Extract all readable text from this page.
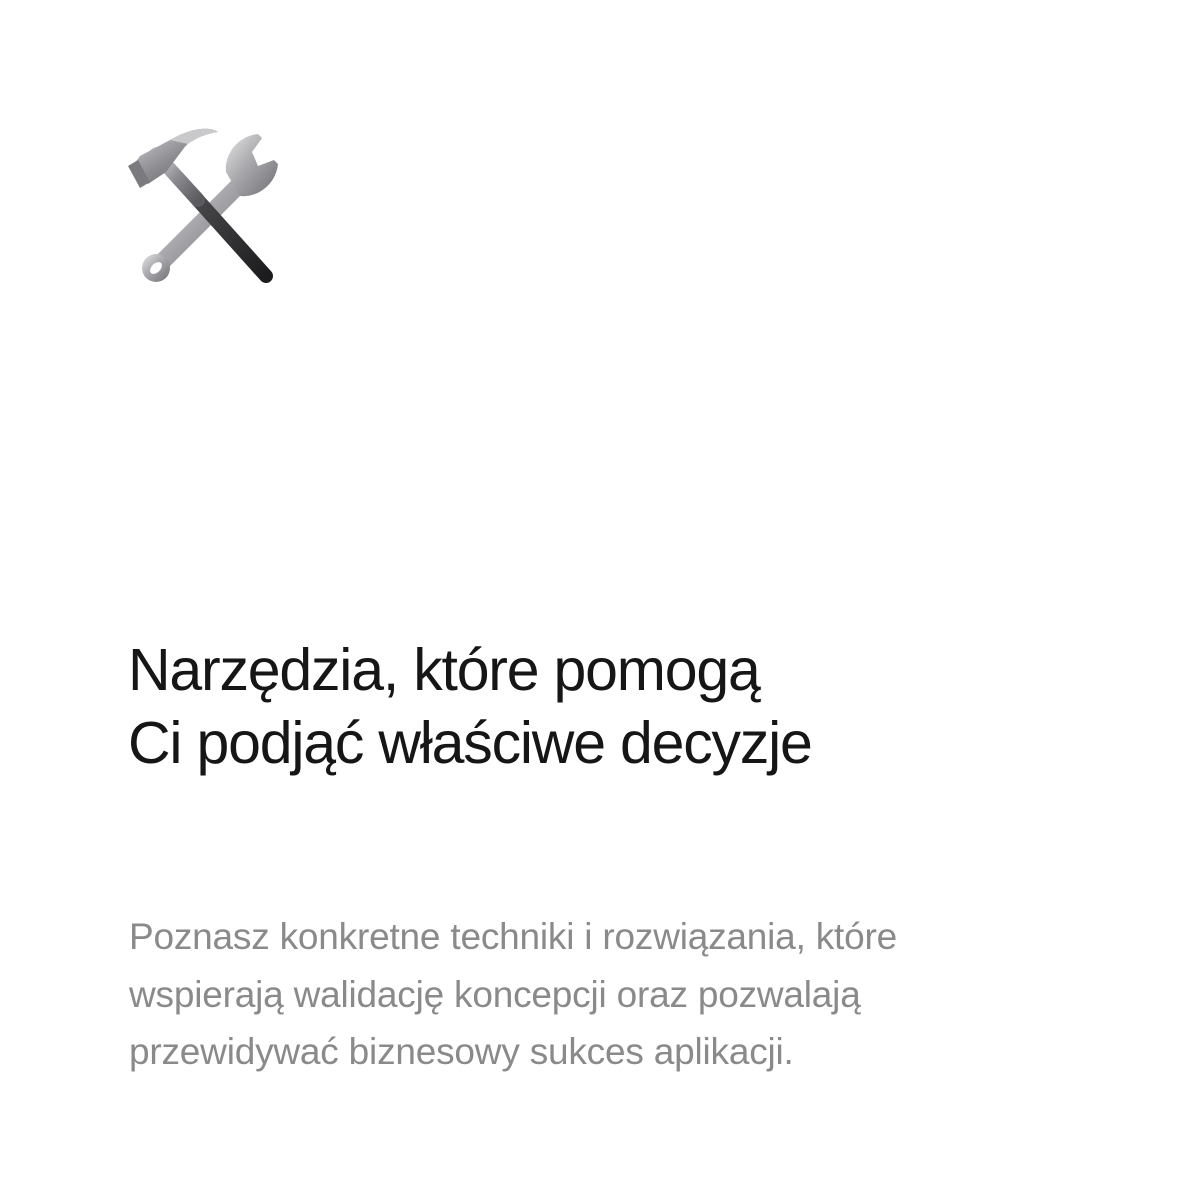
Narzędzia, które pomogą
Ci podjąć właściwe decyzje

Poznasz konkretne techniki i rozwiązania, które
wspierają walidację koncepcji oraz pozwalają
przewidywać biznesowy sukces aplikacji.
